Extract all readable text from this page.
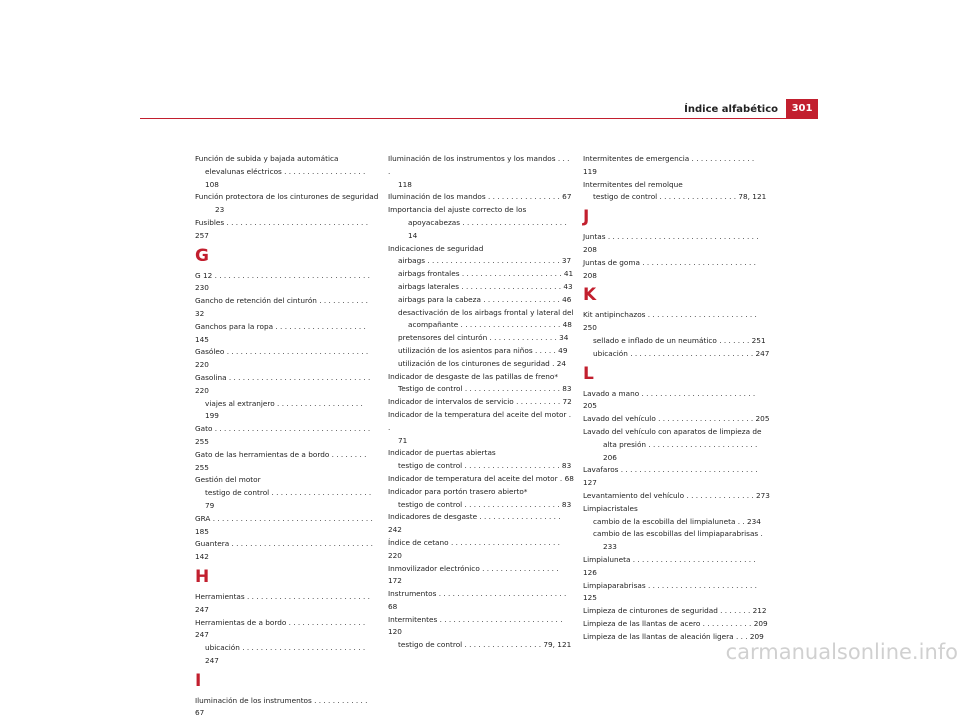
Índice alfabético	301
Función de subida y bajada automática
elevalunas eléctricos . . . . . . . . . . . . . . . . . . 108
Función protectora de los cinturones de seguridad
23
Fusibles . . . . . . . . . . . . . . . . . . . . . . . . . . . . . . . 257
G
G 12 . . . . . . . . . . . . . . . . . . . . . . . . . . . . . . . . . . 230
Gancho de retención del cinturón . . . . . . . . . . . 32
Ganchos para la ropa . . . . . . . . . . . . . . . . . . . . 145
Gasóleo . . . . . . . . . . . . . . . . . . . . . . . . . . . . . . . 220
Gasolina . . . . . . . . . . . . . . . . . . . . . . . . . . . . . . . 220
viajes al extranjero . . . . . . . . . . . . . . . . . . . 199
Gato . . . . . . . . . . . . . . . . . . . . . . . . . . . . . . . . . . 255
Gato de las herramientas de a bordo . . . . . . . . 255
Gestión del motor
testigo de control . . . . . . . . . . . . . . . . . . . . . . 79
GRA . . . . . . . . . . . . . . . . . . . . . . . . . . . . . . . . . . . 185
Guantera . . . . . . . . . . . . . . . . . . . . . . . . . . . . . . . 142
H
Herramientas . . . . . . . . . . . . . . . . . . . . . . . . . . . 247
Herramientas de a bordo . . . . . . . . . . . . . . . . . 247
ubicación . . . . . . . . . . . . . . . . . . . . . . . . . . . 247
I
Iluminación de los instrumentos . . . . . . . . . . . . 67
Iluminación de los instrumentos y los mandos . . . .
118
Iluminación de los mandos . . . . . . . . . . . . . . . . 67
Importancia del ajuste correcto de los
apoyacabezas . . . . . . . . . . . . . . . . . . . . . . . 14
Indicaciones de seguridad
airbags . . . . . . . . . . . . . . . . . . . . . . . . . . . . . 37
airbags frontales . . . . . . . . . . . . . . . . . . . . . . 41
airbags laterales . . . . . . . . . . . . . . . . . . . . . . 43
airbags para la cabeza . . . . . . . . . . . . . . . . . 46
desactivación de los airbags frontal y lateral del
acompañante . . . . . . . . . . . . . . . . . . . . . . 48
pretensores del cinturón . . . . . . . . . . . . . . . 34
utilización de los asientos para niños . . . . . 49
utilización de los cinturones de seguridad . 24
Indicador de desgaste de las patillas de freno*
Testigo de control . . . . . . . . . . . . . . . . . . . . . 83
Indicador de intervalos de servicio . . . . . . . . . . 72
Indicador de la temperatura del aceite del motor . .
71
Indicador de puertas abiertas
testigo de control . . . . . . . . . . . . . . . . . . . . . 83
Indicador de temperatura del aceite del motor . 68
Indicador para portón trasero abierto*
testigo de control . . . . . . . . . . . . . . . . . . . . . 83
Indicadores de desgaste . . . . . . . . . . . . . . . . . . 242
Índice de cetano . . . . . . . . . . . . . . . . . . . . . . . . 220
Inmovilizador electrónico . . . . . . . . . . . . . . . . . 172
Instrumentos . . . . . . . . . . . . . . . . . . . . . . . . . . . . 68
Intermitentes . . . . . . . . . . . . . . . . . . . . . . . . . . . 120
testigo de control . . . . . . . . . . . . . . . . . 79, 121
Intermitentes de emergencia . . . . . . . . . . . . . . 119
Intermitentes del remolque
testigo de control . . . . . . . . . . . . . . . . . 78, 121
J
Juntas . . . . . . . . . . . . . . . . . . . . . . . . . . . . . . . . . 208
Juntas de goma . . . . . . . . . . . . . . . . . . . . . . . . . 208
K
Kit antipinchazos . . . . . . . . . . . . . . . . . . . . . . . . 250
sellado e inflado de un neumático . . . . . . . 251
ubicación . . . . . . . . . . . . . . . . . . . . . . . . . . . 247
L
Lavado a mano . . . . . . . . . . . . . . . . . . . . . . . . . 205
Lavado del vehículo . . . . . . . . . . . . . . . . . . . . . 205
Lavado del vehículo con aparatos de limpieza de
alta presión . . . . . . . . . . . . . . . . . . . . . . . . 206
Lavafaros . . . . . . . . . . . . . . . . . . . . . . . . . . . . . . 127
Levantamiento del vehículo . . . . . . . . . . . . . . . 273
Limpiacristales
cambio de la escobilla del limpialuneta . . 234
cambio de las escobillas del limpiaparabrisas .
233
Limpialuneta . . . . . . . . . . . . . . . . . . . . . . . . . . . 126
Limpiaparabrisas . . . . . . . . . . . . . . . . . . . . . . . . 125
Limpieza de cinturones de seguridad . . . . . . . 212
Limpieza de las llantas de acero . . . . . . . . . . . 209
Limpieza de las llantas de aleación ligera . . . 209
carmanualsonline.info
